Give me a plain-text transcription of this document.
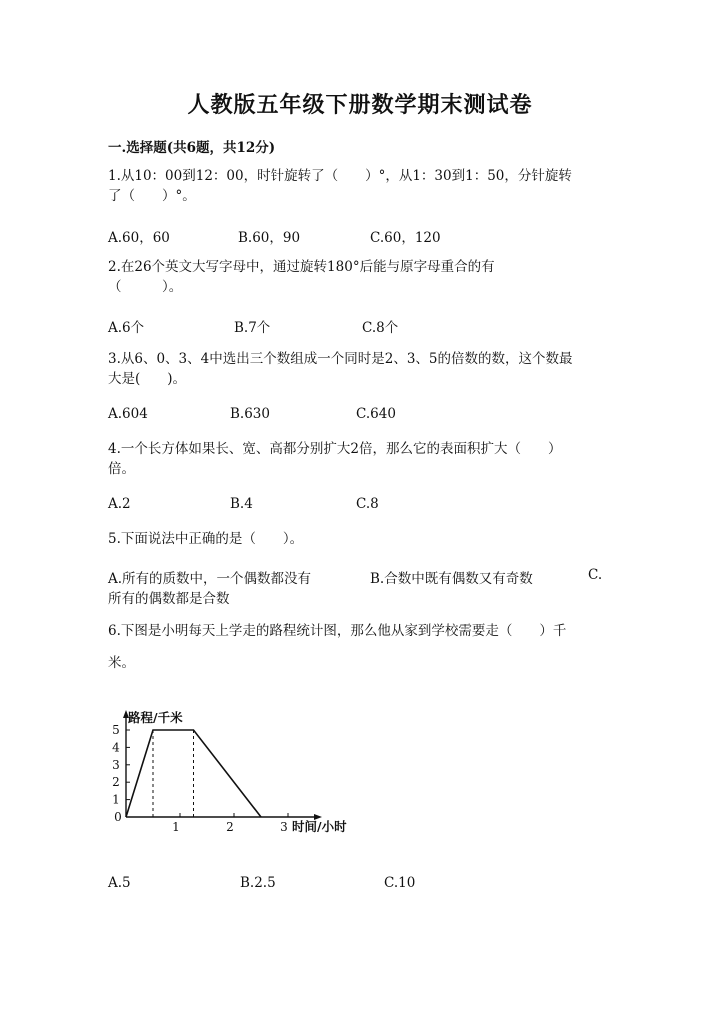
人教版五年级下册数学期末测试卷
一.选择题(共6题，共12分)
1.从10：00到12：00，时针旋转了（　　）°，从1：30到1：50，分针旋转
了（　　）°。
A.60，60	B.60，90	C.60，120
2.在26个英文大写字母中，通过旋转180°后能与原字母重合的有
（　　　）。
A.6个	B.7个	C.8个
3.从6、0、3、4中选出三个数组成一个同时是2、3、5的倍数的数，这个数最
大是(　　)。
A.604	B.630	C.640
4.一个长方体如果长、宽、高都分别扩大2倍，那么它的表面积扩大（　　）
倍。
A.2	B.4	C.8
5.下面说法中正确的是（　　）。
A.所有的质数中，一个偶数都没有	B.合数中既有偶数又有奇数	C.
所有的偶数都是合数
6.下图是小明每天上学走的路程统计图，那么他从家到学校需要走（　　）千
米。
1
2
3
4
5
0
1	2	3
路程/千米
时间/小时
A.5	B.2.5	C.10
